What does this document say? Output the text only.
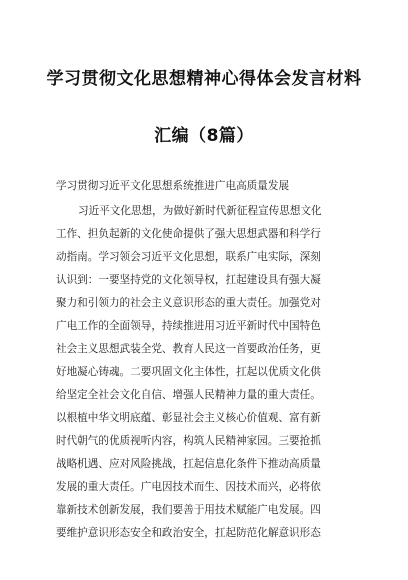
学习贯彻文化思想精神心得体会发言材料
汇编（8篇）
学习贯彻习近平文化思想系统推进广电高质量发展
习近平文化思想，为做好新时代新征程宣传思想文化
工作、担负起新的文化使命提供了强大思想武器和科学行
动指南。学习领会习近平文化思想，联系广电实际，深刻
认识到：一要坚持党的文化领导权，扛起建设具有强大凝
聚力和引领力的社会主义意识形态的重大责任。加强党对
广电工作的全面领导，持续推进用习近平新时代中国特色
社会主义思想武装全党、教育人民这一首要政治任务，更
好地凝心铸魂。二要巩固文化主体性，扛起以优质文化供
给坚定全社会文化自信、增强人民精神力量的重大责任。
以根植中华文明底蕴、彰显社会主义核心价值观、富有新
时代朝气的优质视听内容，构筑人民精神家园。三要抢抓
战略机遇、应对风险挑战，扛起信息化条件下推动高质量
发展的重大责任。广电因技术而生、因技术而兴，必将依
靠新技术创新发展，我们要善于用技术赋能广电发展。四
要维护意识形态安全和政治安全，扛起防范化解意识形态
